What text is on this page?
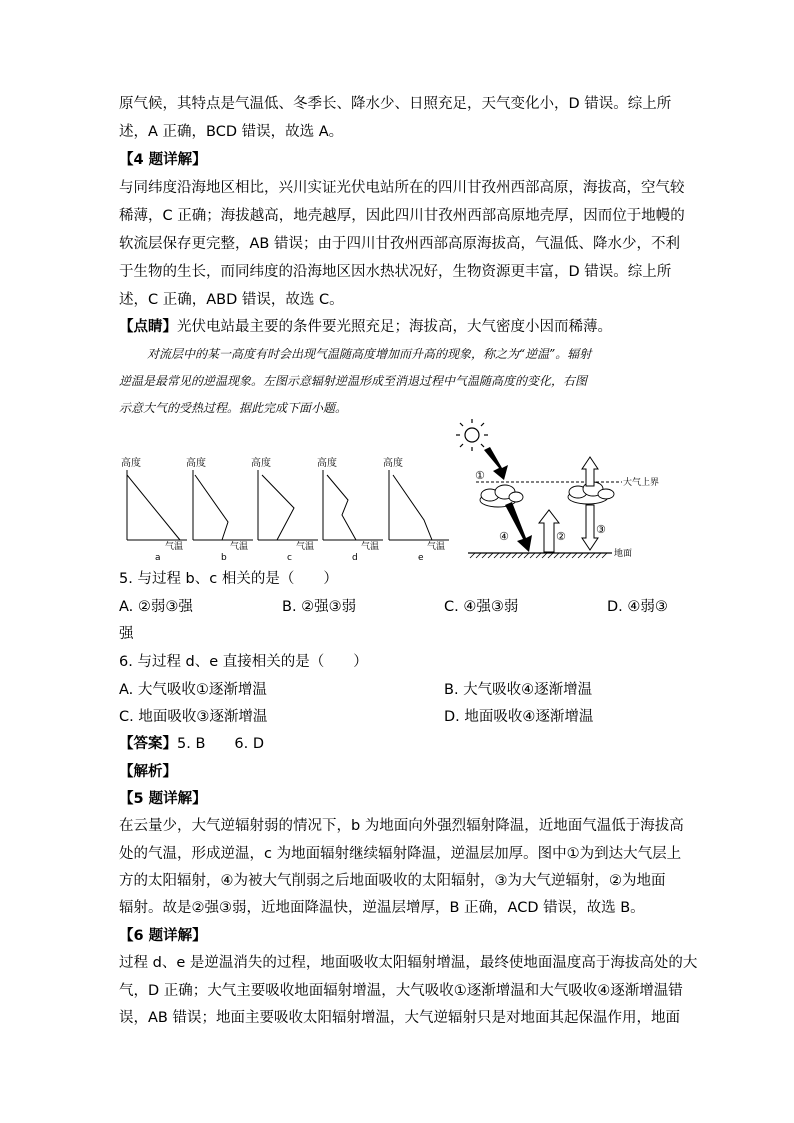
原气候，其特点是气温低、冬季长、降水少、日照充足，天气变化小，D 错误。综上所
述，A 正确，BCD 错误，故选 A。
【4 题详解】
与同纬度沿海地区相比，兴川实证光伏电站所在的四川甘孜州西部高原，海拔高，空气较
稀薄，C 正确；海拔越高，地壳越厚，因此四川甘孜州西部高原地壳厚，因而位于地幔的
软流层保存更完整，AB 错误；由于四川甘孜州西部高原海拔高，气温低、降水少，不利
于生物的生长，而同纬度的沿海地区因水热状况好，生物资源更丰富，D 错误。综上所
述，C 正确，ABD 错误，故选 C。
【点睛】光伏电站最主要的条件要光照充足；海拔高，大气密度小因而稀薄。
对流层中的某一高度有时会出现气温随高度增加而升高的现象，称之为“逆温”。辐射
逆温是最常见的逆温现象。左图示意辐射逆温形成至消退过程中气温随高度的变化，右图
示意大气的受热过程。据此完成下面小题。
高度
气温
a
高度
气温
b
高度
气温
c
高度
气温
d
高度
气温
e
大气上界
①
④	②
③
地面
5. 与过程 b、c 相关的是（　　）
A. ②弱③强	B. ②强③弱	C. ④强③弱	D. ④弱③
强
6. 与过程 d、e 直接相关的是（　　）
A. 大气吸收①逐渐增温	B. 大气吸收④逐渐增温
C. 地面吸收③逐渐增温	D. 地面吸收④逐渐增温
【答案】5. B　　6. D
【解析】
【5 题详解】
在云量少，大气逆辐射弱的情况下，b 为地面向外强烈辐射降温，近地面气温低于海拔高
处的气温，形成逆温，c 为地面辐射继续辐射降温，逆温层加厚。图中①为到达大气层上
方的太阳辐射，④为被大气削弱之后地面吸收的太阳辐射，③为大气逆辐射，②为地面
辐射。故是②强③弱，近地面降温快，逆温层增厚，B 正确，ACD 错误，故选 B。
【6 题详解】
过程 d、e 是逆温消失的过程，地面吸收太阳辐射增温，最终使地面温度高于海拔高处的大
气，D 正确；大气主要吸收地面辐射增温，大气吸收①逐渐增温和大气吸收④逐渐增温错
误，AB 错误；地面主要吸收太阳辐射增温，大气逆辐射只是对地面其起保温作用，地面
